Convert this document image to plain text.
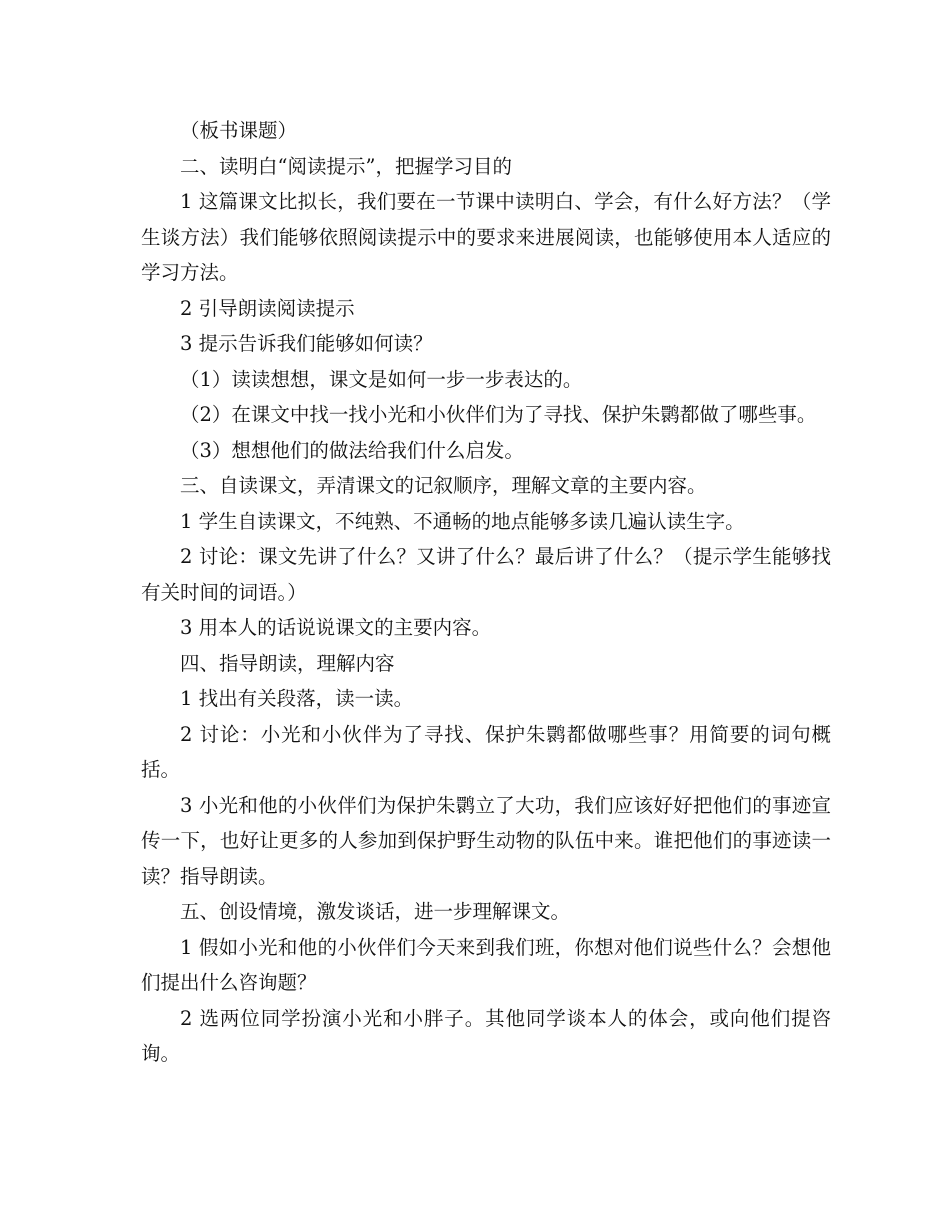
（板书课题）

二、读明白“阅读提示”，把握学习目的

1 这篇课文比拟长，我们要在一节课中读明白、学会，有什么好方法？（学生谈方法）我们能够依照阅读提示中的要求来进展阅读，也能够使用本人适应的学习方法。

2 引导朗读阅读提示

3 提示告诉我们能够如何读？

（1）读读想想，课文是如何一步一步表达的。

（2）在课文中找一找小光和小伙伴们为了寻找、保护朱鹮都做了哪些事。

（3）想想他们的做法给我们什么启发。

三、自读课文，弄清课文的记叙顺序，理解文章的主要内容。

1 学生自读课文，不纯熟、不通畅的地点能够多读几遍认读生字。

2 讨论：课文先讲了什么？又讲了什么？最后讲了什么？（提示学生能够找有关时间的词语。）

3 用本人的话说说课文的主要内容。

四、指导朗读，理解内容

1 找出有关段落，读一读。

2 讨论：小光和小伙伴为了寻找、保护朱鹮都做哪些事？用简要的词句概括。

3 小光和他的小伙伴们为保护朱鹮立了大功，我们应该好好把他们的事迹宣传一下，也好让更多的人参加到保护野生动物的队伍中来。谁把他们的事迹读一读？指导朗读。

五、创设情境，激发谈话，进一步理解课文。

1 假如小光和他的小伙伴们今天来到我们班，你想对他们说些什么？会想他们提出什么咨询题？

2 选两位同学扮演小光和小胖子。其他同学谈本人的体会，或向他们提咨询。
